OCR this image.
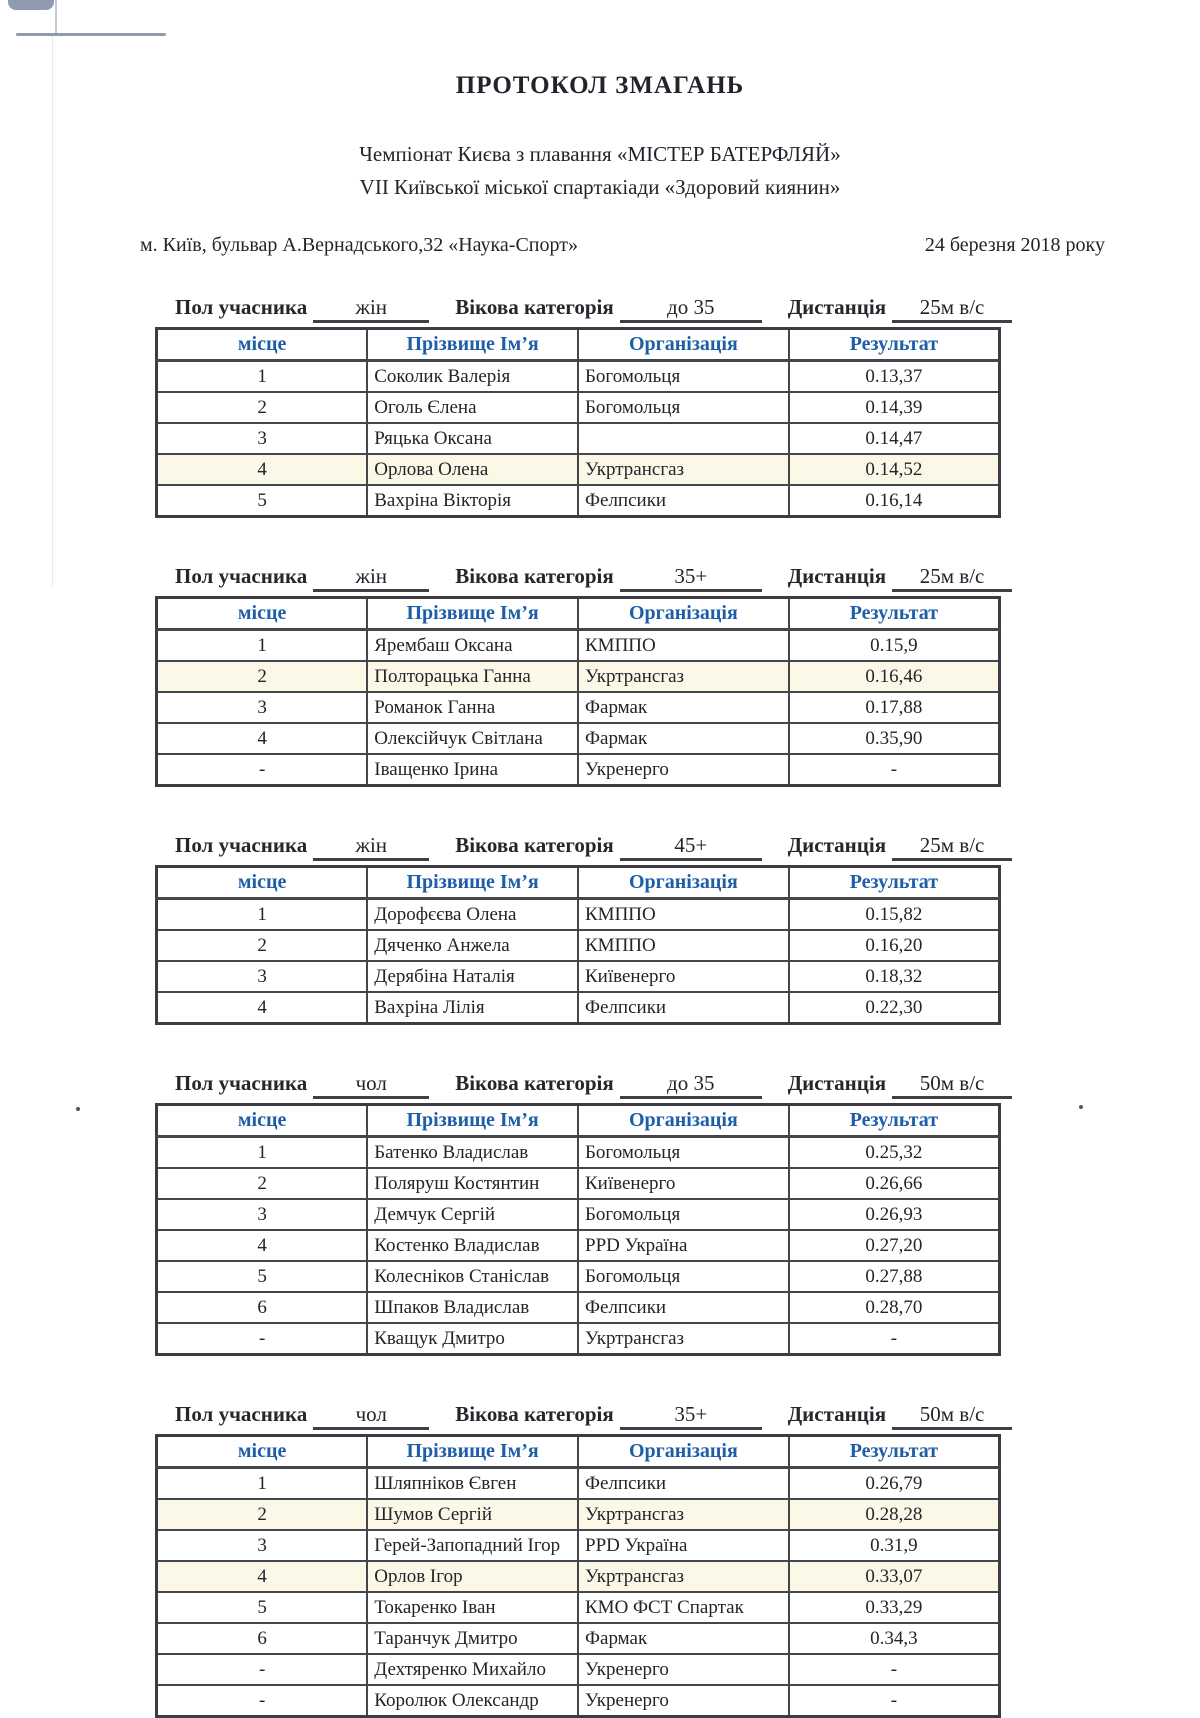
ПРОТОКОЛ ЗМАГАНЬ
Чемпіонат Києва з плавання «МІСТЕР БАТЕРФЛЯЙ»
VII Київської міської спартакіади «Здоровий киянин»
м. Київ, бульвар А.Вернадського,32 «Наука-Спорт»	24 березня 2018 року
Пол учасника жін	Вікова категорія	до 35	Дистанція 25м в/с
місце	Прізвище Ім’я	Організація	Результат
1	Соколик Валерія	Богомольця	0.13,37
2	Оголь Єлена	Богомольця	0.14,39
3	Ряцька Оксана		0.14,47
4	Орлова Олена	Укртрансгаз	0.14,52
5	Вахріна Вікторія	Фелпсики	0.16,14
Пол учасника жін	Вікова категорія	35+	Дистанція 25м в/с
місце	Прізвище Ім’я	Організація	Результат
1	Ярембаш Оксана	КМППО	0.15,9
2	Полторацька Ганна	Укртрансгаз	0.16,46
3	Романок Ганна	Фармак	0.17,88
4	Олексійчук Світлана	Фармак	0.35,90
-	Іващенко Ірина	Укренерго	-
Пол учасника жін	Вікова категорія	45+	Дистанція 25м в/с
місце	Прізвище Ім’я	Організація	Результат
1	Дорофєєва Олена	КМППО	0.15,82
2	Дяченко Анжела	КМППО	0.16,20
3	Дерябіна Наталія	Київенерго	0.18,32
4	Вахріна Лілія	Фелпсики	0.22,30
Пол учасника чол	Вікова категорія	до 35	Дистанція 50м в/с
місце	Прізвище Ім’я	Організація	Результат
1	Батенко Владислав	Богомольця	0.25,32
2	Поляруш Костянтин	Київенерго	0.26,66
3	Демчук Сергій	Богомольця	0.26,93
4	Костенко Владислав	PPD Україна	0.27,20
5	Колесніков Станіслав	Богомольця	0.27,88
6	Шпаков Владислав	Фелпсики	0.28,70
-	Кващук Дмитро	Укртрансгаз	-
Пол учасника чол	Вікова категорія	35+	Дистанція 50м в/с
місце	Прізвище Ім’я	Організація	Результат
1	Шляпніков Євген	Фелпсики	0.26,79
2	Шумов Сергій	Укртрансгаз	0.28,28
3	Герей-Запопадний Ігор	PPD Україна	0.31,9
4	Орлов Ігор	Укртрансгаз	0.33,07
5	Токаренко Іван	КМО ФСТ Спартак	0.33,29
6	Таранчук Дмитро	Фармак	0.34,3
-	Дехтяренко Михайло	Укренерго	-
-	Королюк Олександр	Укренерго	-
